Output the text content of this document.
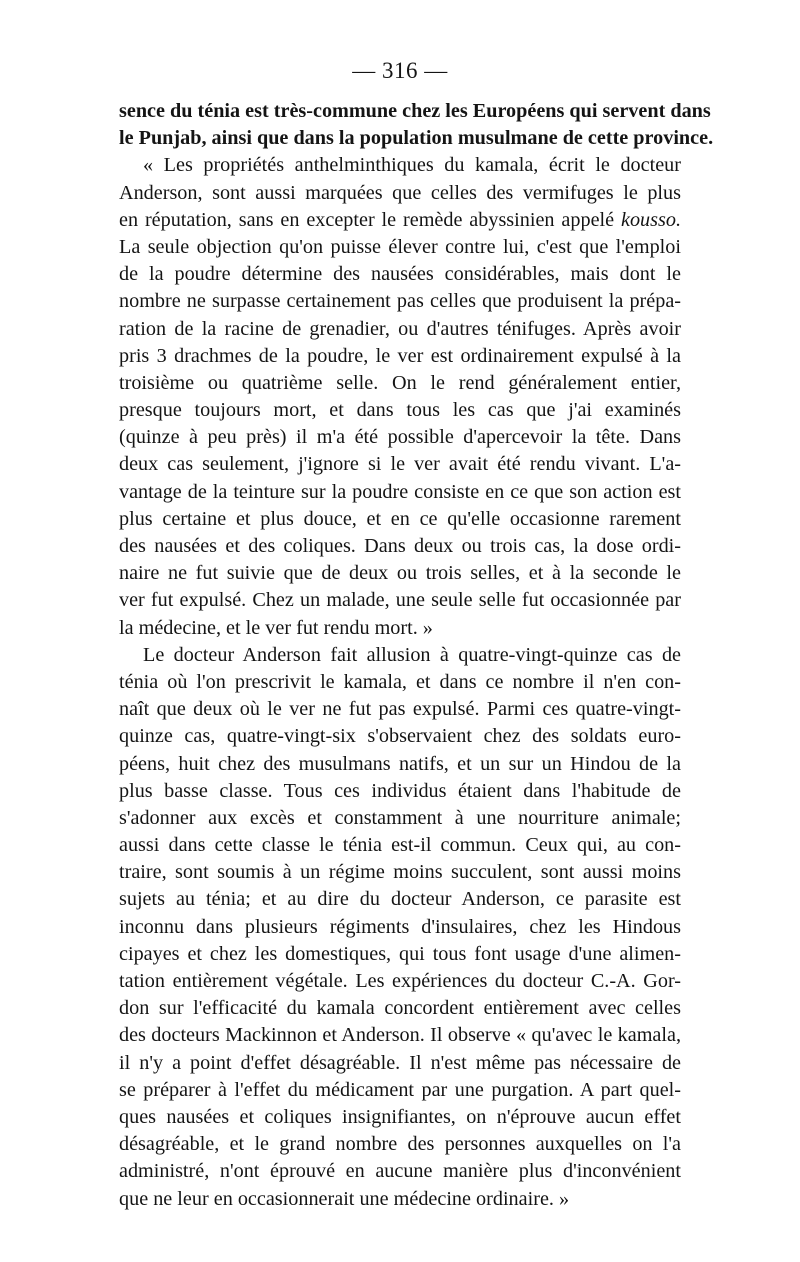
— 316 —
sence du ténia est très-commune chez les Européens qui servent dans
le Punjab, ainsi que dans la population musulmane de cette province.
« Les propriétés anthelminthiques du kamala, écrit le docteur
Anderson, sont aussi marquées que celles des vermifuges le plus
en réputation, sans en excepter le remède abyssinien appelé kousso.
La seule objection qu'on puisse élever contre lui, c'est que l'emploi
de la poudre détermine des nausées considérables, mais dont le
nombre ne surpasse certainement pas celles que produisent la prépa-
ration de la racine de grenadier, ou d'autres ténifuges. Après avoir
pris 3 drachmes de la poudre, le ver est ordinairement expulsé à la
troisième ou quatrième selle. On le rend généralement entier,
presque toujours mort, et dans tous les cas que j'ai examinés
(quinze à peu près) il m'a été possible d'apercevoir la tête. Dans
deux cas seulement, j'ignore si le ver avait été rendu vivant. L'a-
vantage de la teinture sur la poudre consiste en ce que son action est
plus certaine et plus douce, et en ce qu'elle occasionne rarement
des nausées et des coliques. Dans deux ou trois cas, la dose ordi-
naire ne fut suivie que de deux ou trois selles, et à la seconde le
ver fut expulsé. Chez un malade, une seule selle fut occasionnée par
la médecine, et le ver fut rendu mort. »
Le docteur Anderson fait allusion à quatre-vingt-quinze cas de
ténia où l'on prescrivit le kamala, et dans ce nombre il n'en con-
naît que deux où le ver ne fut pas expulsé. Parmi ces quatre-vingt-
quinze cas, quatre-vingt-six s'observaient chez des soldats euro-
péens, huit chez des musulmans natifs, et un sur un Hindou de la
plus basse classe. Tous ces individus étaient dans l'habitude de
s'adonner aux excès et constamment à une nourriture animale;
aussi dans cette classe le ténia est-il commun. Ceux qui, au con-
traire, sont soumis à un régime moins succulent, sont aussi moins
sujets au ténia; et au dire du docteur Anderson, ce parasite est
inconnu dans plusieurs régiments d'insulaires, chez les Hindous
cipayes et chez les domestiques, qui tous font usage d'une alimen-
tation entièrement végétale. Les expériences du docteur C.-A. Gor-
don sur l'efficacité du kamala concordent entièrement avec celles
des docteurs Mackinnon et Anderson. Il observe « qu'avec le kamala,
il n'y a point d'effet désagréable. Il n'est même pas nécessaire de
se préparer à l'effet du médicament par une purgation. A part quel-
ques nausées et coliques insignifiantes, on n'éprouve aucun effet
désagréable, et le grand nombre des personnes auxquelles on l'a
administré, n'ont éprouvé en aucune manière plus d'inconvénient
que ne leur en occasionnerait une médecine ordinaire. »
